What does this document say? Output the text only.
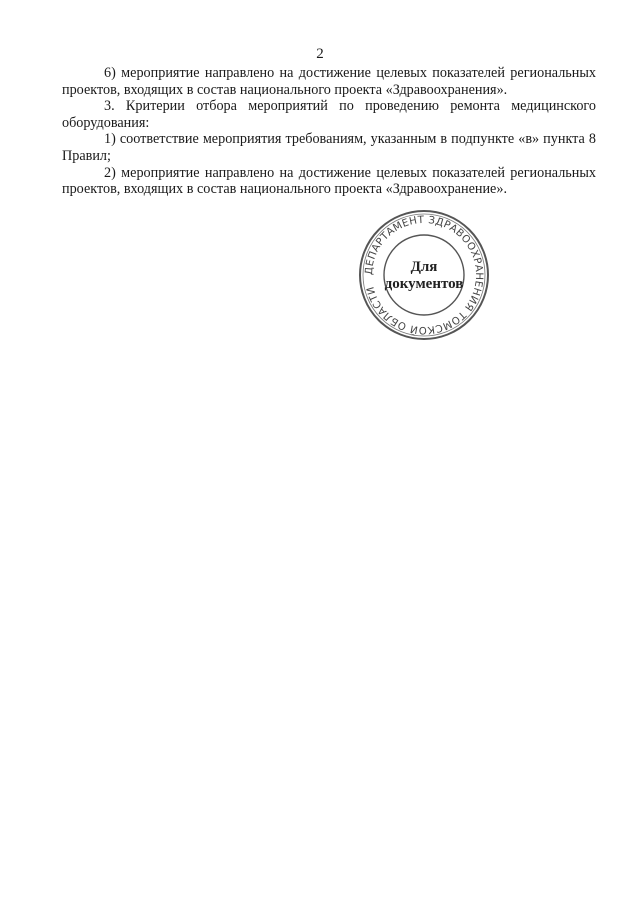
2

6) мероприятие направлено на достижение целевых показателей региональных проектов, входящих в состав национального проекта «Здравоохранения».

3. Критерии отбора мероприятий по проведению ремонта медицинского оборудования:

1) соответствие мероприятия требованиям, указанным в подпункте «в» пункта 8 Правил;

2) мероприятие направлено на достижение целевых показателей региональных проектов, входящих в состав национального проекта «Здравоохранение».

ДЕПАРТАМЕНТ ЗДРАВООХРАНЕНИЯ ТОМСКОЙ ОБЛАСТИ
Для
документов
